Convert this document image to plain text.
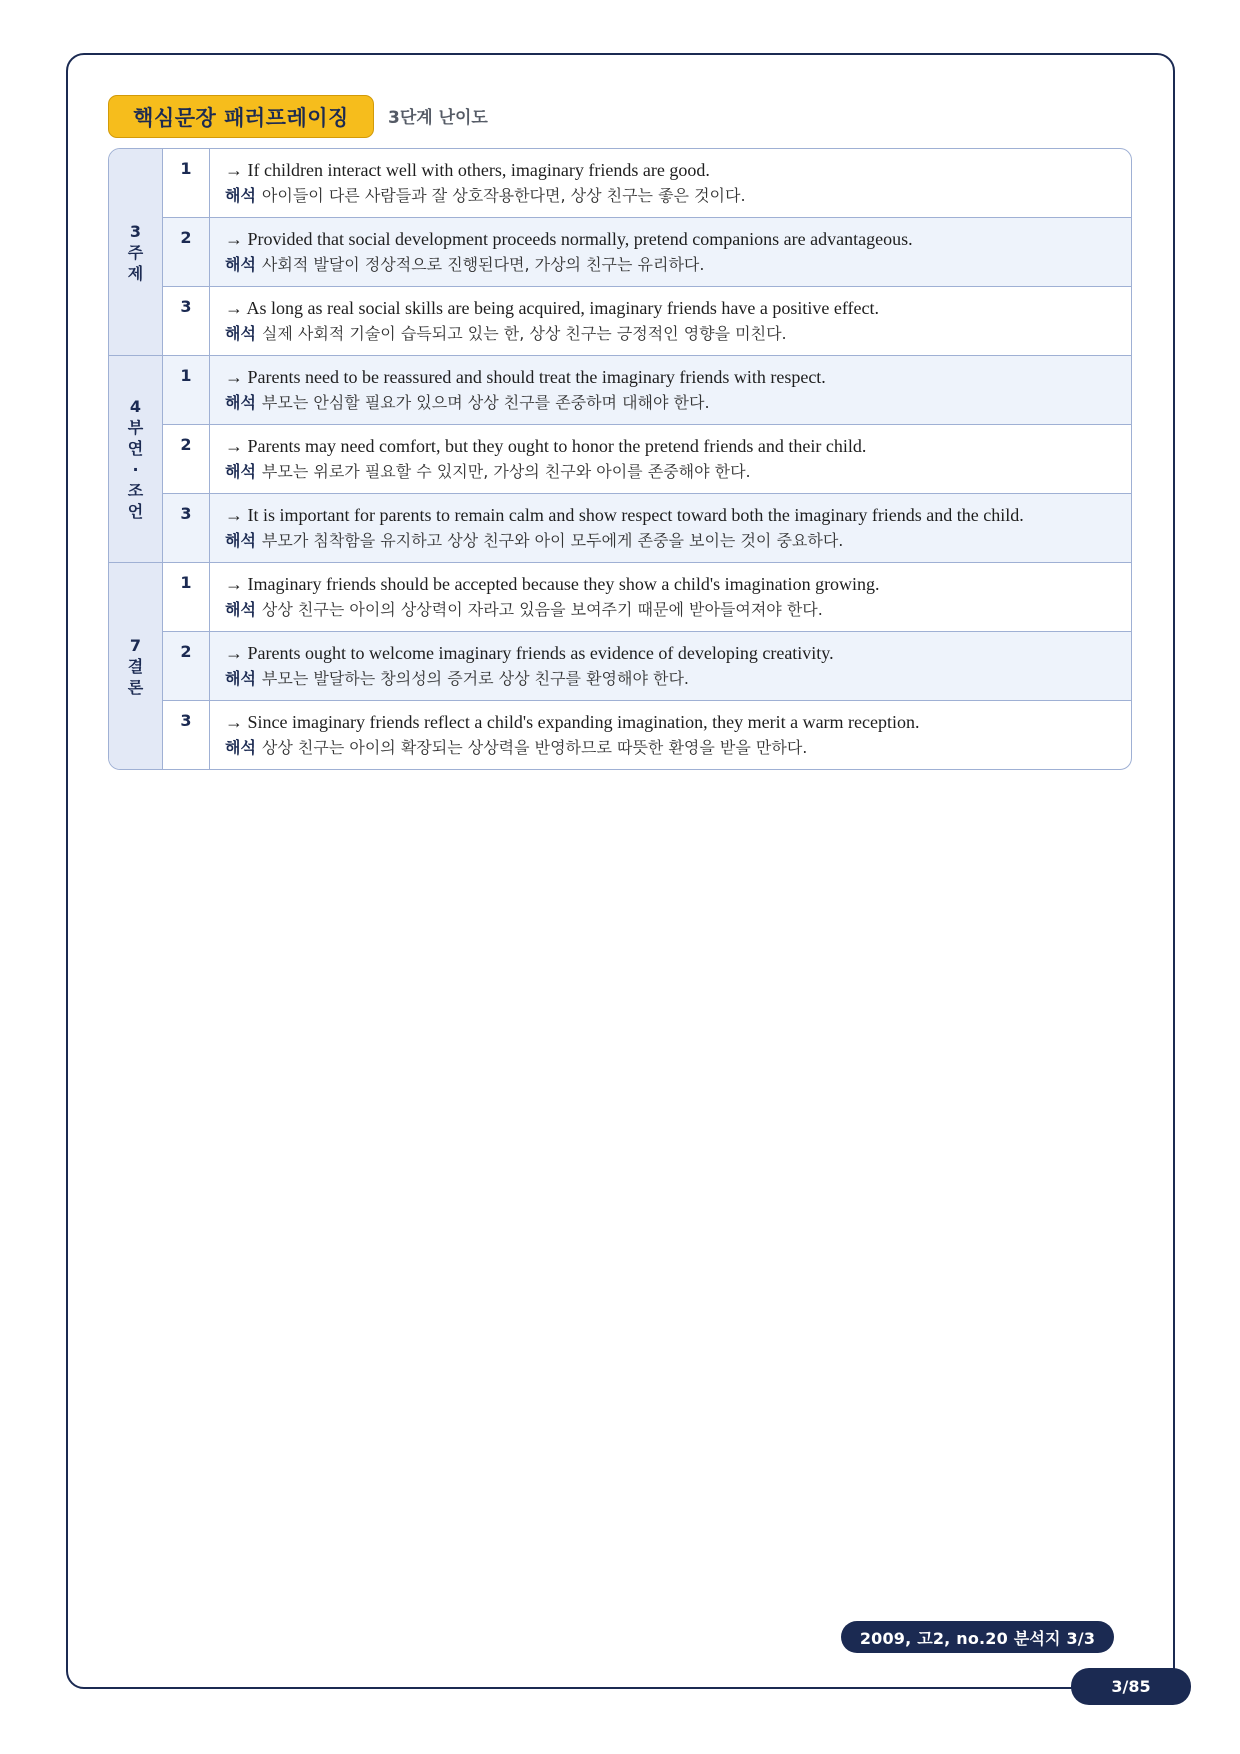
핵심문장 패러프레이징	3단계 난이도
3주제
1	→ If children interact well with others, imaginary friends are good.
해석 아이들이 다른 사람들과 잘 상호작용한다면, 상상 친구는 좋은 것이다.
2	→ Provided that social development proceeds normally, pretend companions are advantageous.
해석 사회적 발달이 정상적으로 진행된다면, 가상의 친구는 유리하다.
3	→ As long as real social skills are being acquired, imaginary friends have a positive effect.
해석 실제 사회적 기술이 습득되고 있는 한, 상상 친구는 긍정적인 영향을 미친다.
4부연·조언
1	→ Parents need to be reassured and should treat the imaginary friends with respect.
해석 부모는 안심할 필요가 있으며 상상 친구를 존중하며 대해야 한다.
2	→ Parents may need comfort, but they ought to honor the pretend friends and their child.
해석 부모는 위로가 필요할 수 있지만, 가상의 친구와 아이를 존중해야 한다.
3	→ It is important for parents to remain calm and show respect toward both the imaginary friends and the child.
해석 부모가 침착함을 유지하고 상상 친구와 아이 모두에게 존중을 보이는 것이 중요하다.
7결론
1	→ Imaginary friends should be accepted because they show a child's imagination growing.
해석 상상 친구는 아이의 상상력이 자라고 있음을 보여주기 때문에 받아들여져야 한다.
2	→ Parents ought to welcome imaginary friends as evidence of developing creativity.
해석 부모는 발달하는 창의성의 증거로 상상 친구를 환영해야 한다.
3	→ Since imaginary friends reflect a child's expanding imagination, they merit a warm reception.
해석 상상 친구는 아이의 확장되는 상상력을 반영하므로 따뜻한 환영을 받을 만하다.
2009, 고2, no.20 분석지 3/3
3/85
